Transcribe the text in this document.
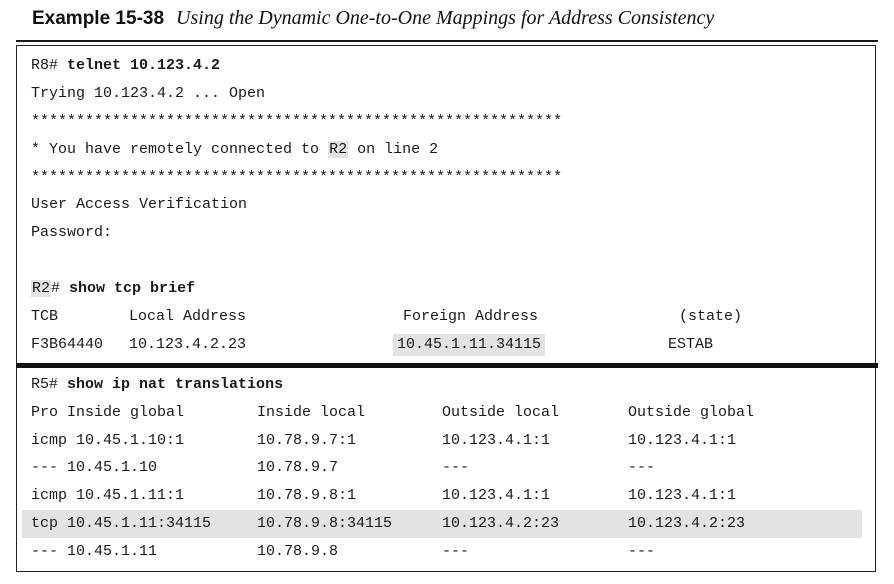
Example 15-38 Using the Dynamic One-to-One Mappings for Address Consistency
R8# telnet 10.123.4.2
Trying 10.123.4.2 ... Open
***********************************************************
* You have remotely connected to R2 on line 2
***********************************************************
User Access Verification
Password:
R2# show tcp brief
TCB	Local Address	Foreign Address	(state)
F3B64440 10.123.4.2.23	10.45.1.11.34115	ESTAB
R5# show ip nat translations
Pro Inside global	Inside local	Outside local	Outside global
icmp 10.45.1.10:1	10.78.9.7:1	10.123.4.1:1	10.123.4.1:1
--- 10.45.1.10	10.78.9.7	---	---
icmp 10.45.1.11:1	10.78.9.8:1	10.123.4.1:1	10.123.4.1:1
tcp 10.45.1.11:34115	10.78.9.8:34115	10.123.4.2:23	10.123.4.2:23
--- 10.45.1.11	10.78.9.8	---	---
